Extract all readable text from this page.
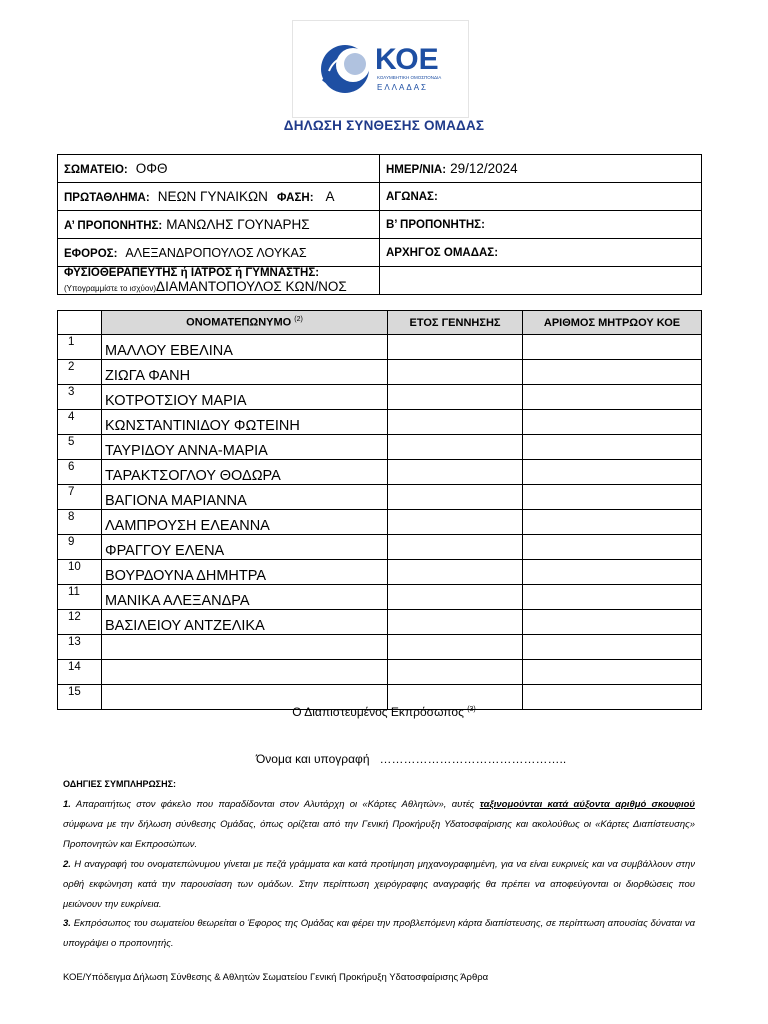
ΚΟΕ
ΚΟΛΥΜΒΗΤΙΚΗ ΟΜΟΣΠΟΝΔΙΑ
ΕΛΛΑΔΑΣ
ΔΗΛΩΣΗ ΣΥΝΘΕΣΗΣ ΟΜΑΔΑΣ
ΣΩΜΑΤΕΙΟ: ΟΦΘ	ΗΜΕΡ/ΝΙΑ: 29/12/2024
ΠΡΩΤΑΘΛΗΜΑ: ΝΕΩΝ ΓΥΝΑΙΚΩΝ ΦΑΣΗ: Α	ΑΓΩΝΑΣ:
Α’ ΠΡΟΠΟΝΗΤΗΣ: ΜΑΝΩΛΗΣ ΓΟΥΝΑΡΗΣ	Β’ ΠΡΟΠΟΝΗΤΗΣ:
ΕΦΟΡΟΣ: ΑΛΕΞΑΝΔΡΟΠΟΥΛΟΣ ΛΟΥΚΑΣ	ΑΡΧΗΓΟΣ ΟΜΑΔΑΣ:

ΦΥΣΙΟΘΕΡΑΠΕΥΤΗΣ ή ΙΑΤΡΟΣ ή ΓΥΜΝΑΣΤΗΣ:
(Υπογραμμίστε το ισχύον)ΔΙΑΜΑΝΤΟΠΟΥΛΟΣ ΚΩΝ/ΝΟΣ	
	ΟΝΟΜΑΤΕΠΩΝΥΜΟ $^{(2)}$	ΕΤΟΣ ΓΕΝΝΗΣΗΣ	ΑΡΙΘΜΟΣ ΜΗΤΡΩΟΥ ΚΟΕ
1	ΜΑΛΛΟΥ ΕΒΕΛΙΝΑ		
2	ΖΙΩΓΑ ΦΑΝΗ		
3	ΚΟΤΡΟΤΣΙΟΥ ΜΑΡΙΑ		
4	ΚΩΝΣΤΑΝΤΙΝΙΔΟΥ ΦΩΤΕΙΝΗ		
5	ΤΑΥΡΙΔΟΥ ΑΝΝΑ-ΜΑΡΙΑ		
6	ΤΑΡΑΚΤΣΟΓΛΟΥ ΘΟΔΩΡΑ		
7	ΒΑΓΙΟΝΑ ΜΑΡΙΑΝΝΑ		
8	ΛΑΜΠΡΟΥΣΗ ΕΛΕΑΝΝΑ		
9	ΦΡΑΓΓΟΥ ΕΛΕΝΑ		
10	ΒΟΥΡΔΟΥΝΑ ΔΗΜΗΤΡΑ		
11	ΜΑΝΙΚΑ ΑΛΕΞΑΝΔΡΑ		
12	ΒΑΣΙΛΕΙΟΥ ΑΝΤΖΕΛΙΚΑ		
13			
14			
15			
Ο Διαπιστευμένος Εκπρόσωπος $^{(3)}$
Όνομα και υπογραφή ………………………………………..
ΟΔΗΓΙΕΣ ΣΥΜΠΛΗΡΩΣΗΣ:
1. Απαραιτήτως στον φάκελο που παραδίδονται στον Αλυτάρχη οι «Κάρτες Αθλητών», αυτές ταξινομούνται κατά αύξοντα αριθμό σκουφιού σύμφωνα με την δήλωση σύνθεσης Ομάδας, όπως ορίζεται από την Γενική Προκήρυξη Υδατοσφαίρισης και ακολούθως οι «Κάρτες Διαπίστευσης» Προπονητών και Εκπροσώπων.
2. Η αναγραφή του ονοματεπώνυμου γίνεται με πεζά γράμματα και κατά προτίμηση μηχανογραφημένη, για να είναι ευκρινείς και να συμβάλλουν στην ορθή εκφώνηση κατά την παρουσίαση των ομάδων. Στην περίπτωση χειρόγραφης αναγραφής θα πρέπει να αποφεύγονται οι διορθώσεις που μειώνουν την ευκρίνεια.
3. Εκπρόσωπος του σωματείου θεωρείται ο Έφορος της Ομάδας και φέρει την προβλεπόμενη κάρτα διαπίστευσης, σε περίπτωση απουσίας δύναται να υπογράψει ο προπονητής.
ΚΟΕ/Υπόδειγμα Δήλωση Σύνθεσης & Αθλητών Σωματείου Γενική Προκήρυξη Υδατοσφαίρισης Άρθρα
